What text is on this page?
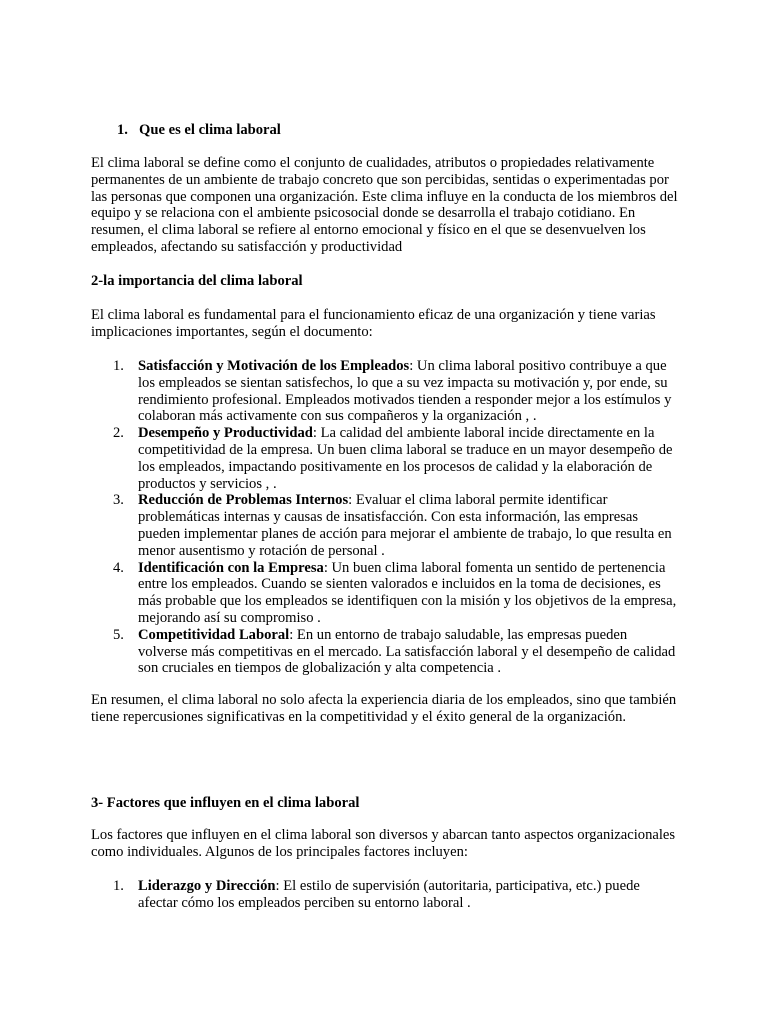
1. Que es el clima laboral

El clima laboral se define como el conjunto de cualidades, atributos o propiedades relativamente permanentes de un ambiente de trabajo concreto que son percibidas, sentidas o experimentadas por las personas que componen una organización. Este clima influye en la conducta de los miembros del equipo y se relaciona con el ambiente psicosocial donde se desarrolla el trabajo cotidiano. En resumen, el clima laboral se refiere al entorno emocional y físico en el que se desenvuelven los empleados, afectando su satisfacción y productividad

2-la importancia del clima laboral

El clima laboral es fundamental para el funcionamiento eficaz de una organización y tiene varias implicaciones importantes, según el documento:

1. Satisfacción y Motivación de los Empleados: Un clima laboral positivo contribuye a que los empleados se sientan satisfechos, lo que a su vez impacta su motivación y, por ende, su rendimiento profesional. Empleados motivados tienden a responder mejor a los estímulos y colaboran más activamente con sus compañeros y la organización , .
2. Desempeño y Productividad: La calidad del ambiente laboral incide directamente en la competitividad de la empresa. Un buen clima laboral se traduce en un mayor desempeño de los empleados, impactando positivamente en los procesos de calidad y la elaboración de productos y servicios , .
3. Reducción de Problemas Internos: Evaluar el clima laboral permite identificar problemáticas internas y causas de insatisfacción. Con esta información, las empresas pueden implementar planes de acción para mejorar el ambiente de trabajo, lo que resulta en menor ausentismo y rotación de personal .
4. Identificación con la Empresa: Un buen clima laboral fomenta un sentido de pertenencia entre los empleados. Cuando se sienten valorados e incluidos en la toma de decisiones, es más probable que los empleados se identifiquen con la misión y los objetivos de la empresa, mejorando así su compromiso .
5. Competitividad Laboral: En un entorno de trabajo saludable, las empresas pueden volverse más competitivas en el mercado. La satisfacción laboral y el desempeño de calidad son cruciales en tiempos de globalización y alta competencia .

En resumen, el clima laboral no solo afecta la experiencia diaria de los empleados, sino que también tiene repercusiones significativas en la competitividad y el éxito general de la organización.

3- Factores que influyen en el clima laboral

Los factores que influyen en el clima laboral son diversos y abarcan tanto aspectos organizacionales como individuales. Algunos de los principales factores incluyen:

1. Liderazgo y Dirección: El estilo de supervisión (autoritaria, participativa, etc.) puede afectar cómo los empleados perciben su entorno laboral .
